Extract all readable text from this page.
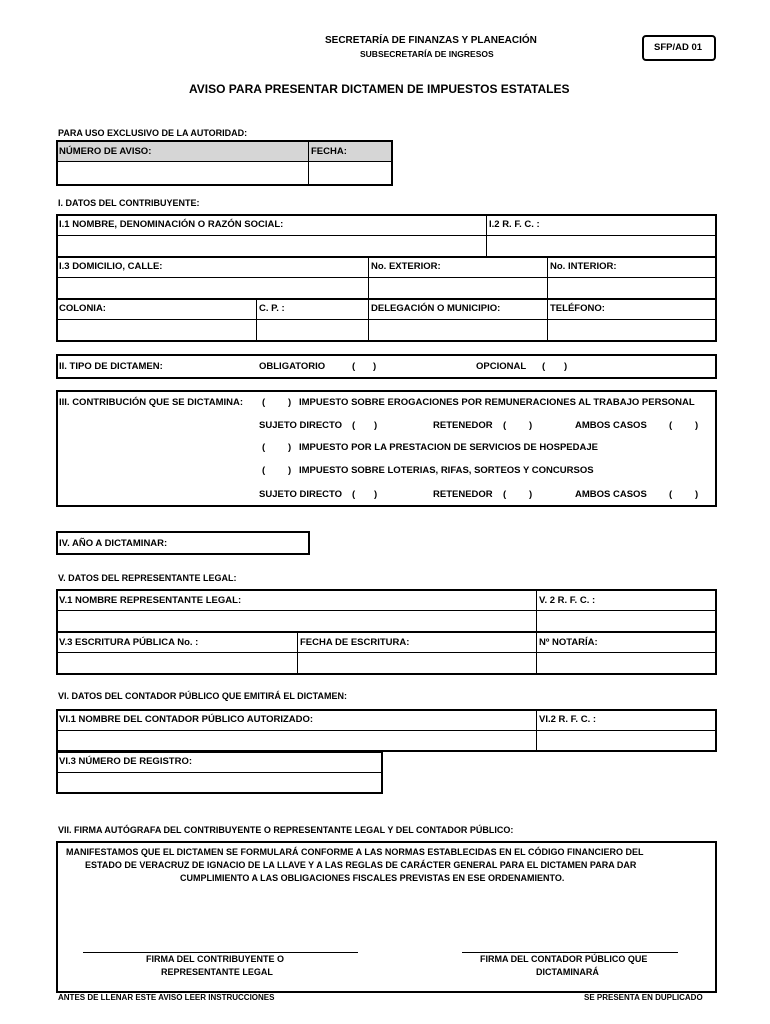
SECRETARÍA DE FINANZAS Y PLANEACIÓN
SUBSECRETARÍA DE INGRESOS
SFP/AD 01
AVISO PARA PRESENTAR DICTAMEN DE IMPUESTOS ESTATALES
PARA USO EXCLUSIVO DE LA AUTORIDAD:
NÚMERO DE AVISO:	FECHA:
I. DATOS DEL CONTRIBUYENTE:
I.1 NOMBRE, DENOMINACIÓN O RAZÓN SOCIAL:	I.2 R. F. C. :
I.3 DOMICILIO, CALLE:	No. EXTERIOR:	No. INTERIOR:
COLONIA:	C. P. :	DELEGACIÓN O MUNICIPIO:	TELÉFONO:
II. TIPO DE DICTAMEN:	OBLIGATORIO	( )	OPCIONAL ( )
III. CONTRIBUCIÓN QUE SE DICTAMINA: ( ) IMPUESTO SOBRE EROGACIONES POR REMUNERACIONES AL TRABAJO PERSONAL
SUJETO DIRECTO ( )	RETENEDOR ( )	AMBOS CASOS ( )
( ) IMPUESTO POR LA PRESTACION DE SERVICIOS DE HOSPEDAJE
( ) IMPUESTO SOBRE LOTERIAS, RIFAS, SORTEOS Y CONCURSOS
SUJETO DIRECTO ( )	RETENEDOR ( )	AMBOS CASOS ( )
IV. AÑO A DICTAMINAR:
V. DATOS DEL REPRESENTANTE LEGAL:
V.1 NOMBRE REPRESENTANTE LEGAL:	V. 2 R. F. C. :
V.3 ESCRITURA PÚBLICA No. :	FECHA DE ESCRITURA:	Nº NOTARÍA:
VI. DATOS DEL CONTADOR PÚBLICO QUE EMITIRÁ EL DICTAMEN:
VI.1 NOMBRE DEL CONTADOR PÚBLICO AUTORIZADO:	VI.2 R. F. C. :
VI.3 NÚMERO DE REGISTRO:
VII. FIRMA AUTÓGRAFA DEL CONTRIBUYENTE O REPRESENTANTE LEGAL Y DEL CONTADOR PÚBLICO:
MANIFESTAMOS QUE EL DICTAMEN SE FORMULARÁ CONFORME A LAS NORMAS ESTABLECIDAS EN EL CÓDIGO FINANCIERO DEL
ESTADO DE VERACRUZ DE IGNACIO DE LA LLAVE Y A LAS REGLAS DE CARÁCTER GENERAL PARA EL DICTAMEN PARA DAR
CUMPLIMIENTO A LAS OBLIGACIONES FISCALES PREVISTAS EN ESE ORDENAMIENTO.
FIRMA DEL CONTRIBUYENTE O
REPRESENTANTE LEGAL
FIRMA DEL CONTADOR PÚBLICO QUE
DICTAMINARÁ
ANTES DE LLENAR ESTE AVISO LEER INSTRUCCIONES	SE PRESENTA EN DUPLICADO
